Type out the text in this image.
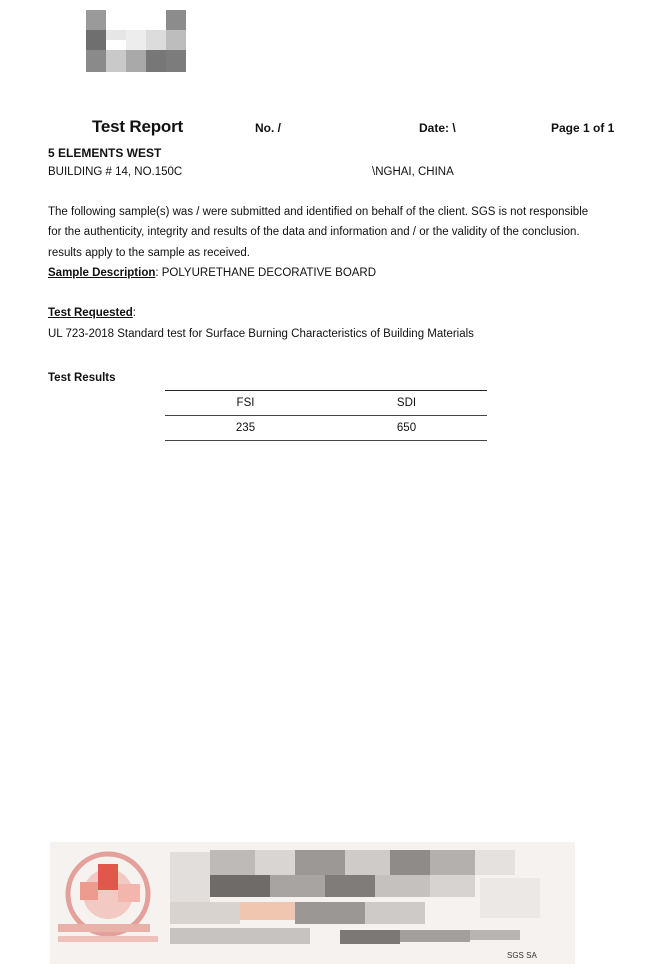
Test Report	No. /	Date: \	Page 1 of 1
5 ELEMENTS WEST
BUILDING # 14, NO.150C	\NGHAI, CHINA
The following sample(s) was / were submitted and identified on behalf of the client. SGS is not responsible
for the authenticity, integrity and results of the data and information and / or the validity of the conclusion.
results apply to the sample as received.
Sample Description: POLYURETHANE DECORATIVE BOARD
Test Requested:
UL 723-2018 Standard test for Surface Burning Characteristics of Building Materials
Test Results
FSI	SDI
235	650
SGS SA
